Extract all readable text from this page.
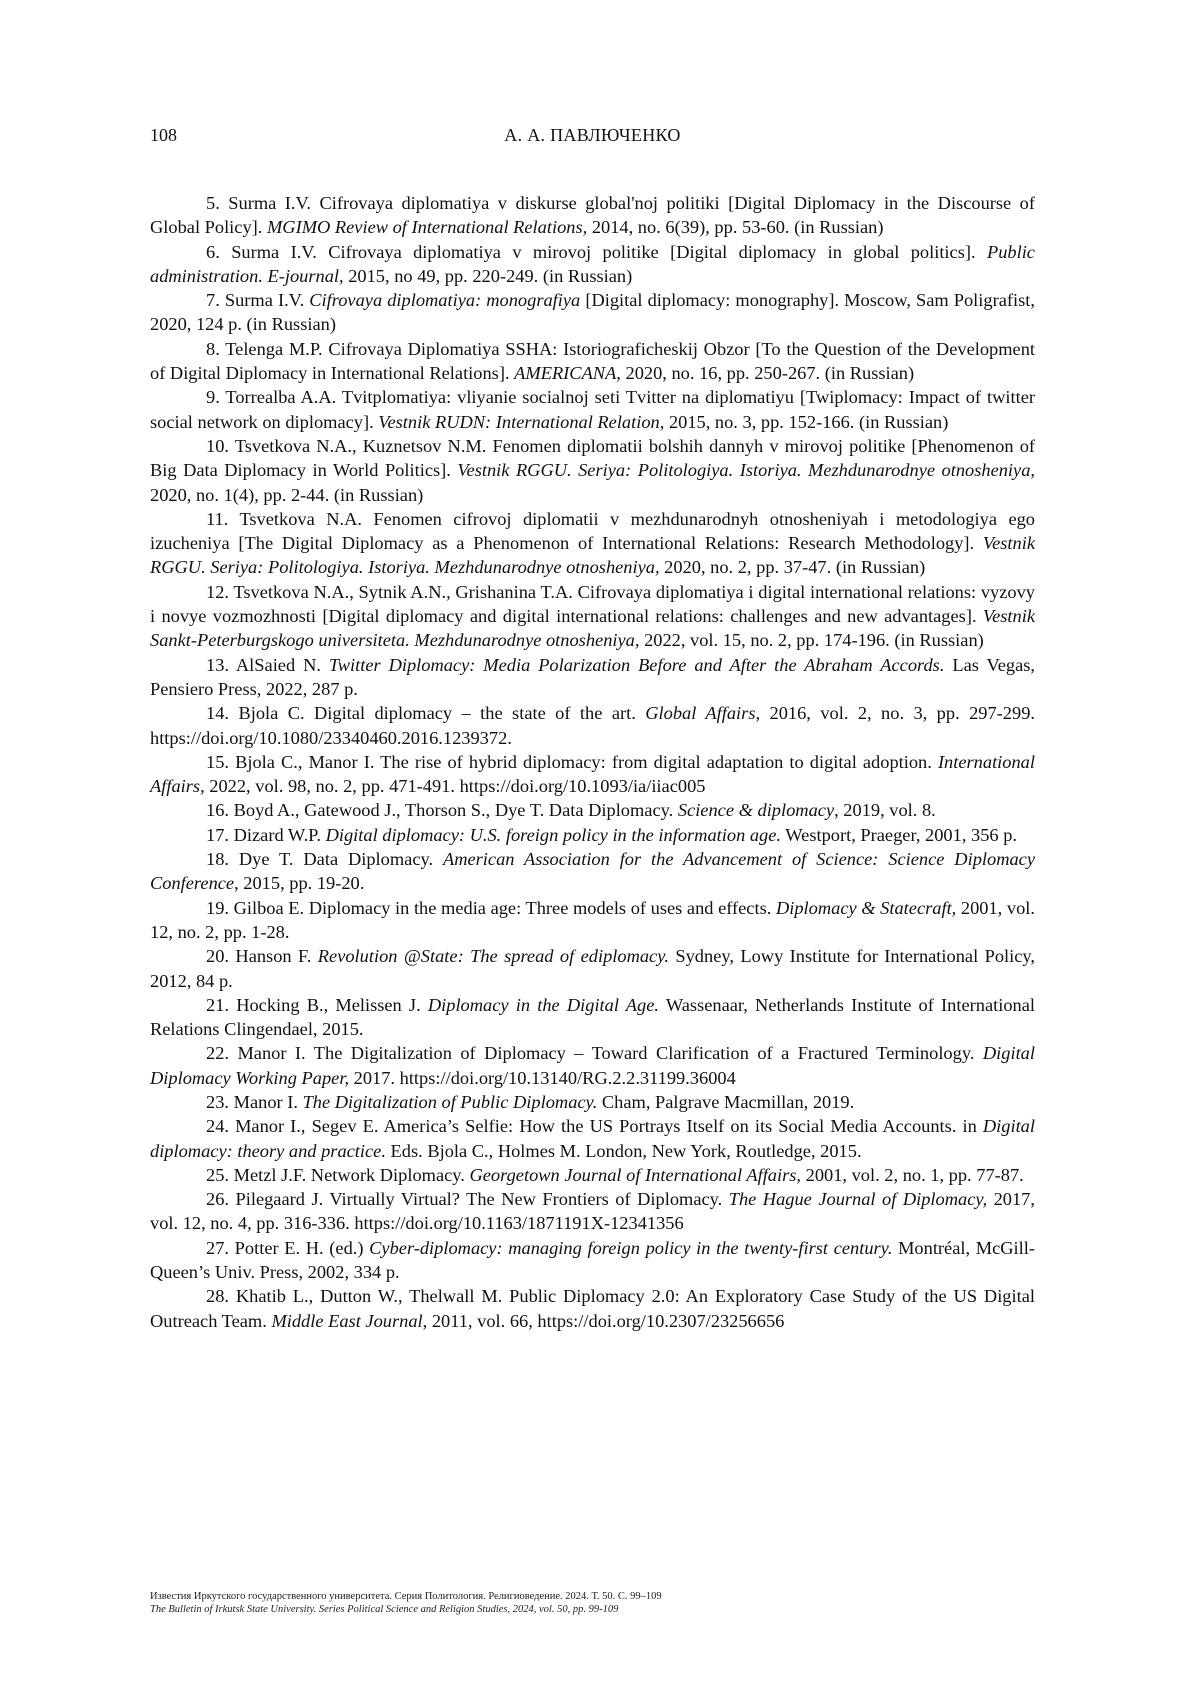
108	А. А. ПАВЛЮЧЕНКО

5. Surma I.V. Cifrovaya diplomatiya v diskurse global'noj politiki [Digital Diplomacy in the Discourse of Global Policy]. MGIMO Review of International Relations, 2014, no. 6(39), pp. 53-60. (in Russian)

6. Surma I.V. Cifrovaya diplomatiya v mirovoj politike [Digital diplomacy in global politics]. Public administration. E-journal, 2015, no 49, pp. 220-249. (in Russian)

7. Surma I.V. Cifrovaya diplomatiya: monografiya [Digital diplomacy: monography]. Moscow, Sam Poligrafist, 2020, 124 p. (in Russian)

8. Telenga M.P. Cifrovaya Diplomatiya SSHA: Istoriograficheskij Obzor [To the Question of the Development of Digital Diplomacy in International Relations]. AMERICANA, 2020, no. 16, pp. 250-267. (in Russian)

9. Torrealba A.A. Tvitplomatiya: vliyanie socialnoj seti Tvitter na diplomatiyu [Twiplomacy: Impact of twitter social network on diplomacy]. Vestnik RUDN: International Relation, 2015, no. 3, pp. 152-166. (in Russian)

10. Tsvetkova N.A., Kuznetsov N.M. Fenomen diplomatii bolshih dannyh v mirovoj politike [Phenomenon of Big Data Diplomacy in World Politics]. Vestnik RGGU. Seriya: Politologiya. Istoriya. Mezhdunarodnye otnosheniya, 2020, no. 1(4), pp. 2-44. (in Russian)

11. Tsvetkova N.A. Fenomen cifrovoj diplomatii v mezhdunarodnyh otnosheniyah i metodologiya ego izucheniya [The Digital Diplomacy as a Phenomenon of International Relations: Research Methodology]. Vestnik RGGU. Seriya: Politologiya. Istoriya. Mezhdunarodnye otnosheniya, 2020, no. 2, pp. 37-47. (in Russian)

12. Tsvetkova N.A., Sytnik A.N., Grishanina T.A. Cifrovaya diplomatiya i digital international relations: vyzovy i novye vozmozhnosti [Digital diplomacy and digital international relations: challenges and new advantages]. Vestnik Sankt-Peterburgskogo universiteta. Mezhdunarodnye otnosheniya, 2022, vol. 15, no. 2, pp. 174-196. (in Russian)

13. AlSaied N. Twitter Diplomacy: Media Polarization Before and After the Abraham Accords. Las Vegas, Pensiero Press, 2022, 287 p.

14. Bjola C. Digital diplomacy – the state of the art. Global Affairs, 2016, vol. 2, no. 3, pp. 297-299. https://doi.org/10.1080/23340460.2016.1239372.

15. Bjola C., Manor I. The rise of hybrid diplomacy: from digital adaptation to digital adoption. International Affairs, 2022, vol. 98, no. 2, pp. 471-491. https://doi.org/10.1093/ia/iiac005

16. Boyd A., Gatewood J., Thorson S., Dye T. Data Diplomacy. Science & diplomacy, 2019, vol. 8.

17. Dizard W.P. Digital diplomacy: U.S. foreign policy in the information age. Westport, Praeger, 2001, 356 p.

18. Dye T. Data Diplomacy. American Association for the Advancement of Science: Science Diplomacy Conference, 2015, pp. 19-20.

19. Gilboa E. Diplomacy in the media age: Three models of uses and effects. Diplomacy & Statecraft, 2001, vol. 12, no. 2, pp. 1-28.

20. Hanson F. Revolution @State: The spread of ediplomacy. Sydney, Lowy Institute for International Policy, 2012, 84 p.

21. Hocking B., Melissen J. Diplomacy in the Digital Age. Wassenaar, Netherlands Institute of International Relations Clingendael, 2015.

22. Manor I. The Digitalization of Diplomacy – Toward Clarification of a Fractured Terminology. Digital Diplomacy Working Paper, 2017. https://doi.org/10.13140/RG.2.2.31199.36004

23. Manor I. The Digitalization of Public Diplomacy. Cham, Palgrave Macmillan, 2019.

24. Manor I., Segev E. America’s Selfie: How the US Portrays Itself on its Social Media Accounts. in Digital diplomacy: theory and practice. Eds. Bjola C., Holmes M. London, New York, Routledge, 2015.

25. Metzl J.F. Network Diplomacy. Georgetown Journal of International Affairs, 2001, vol. 2, no. 1, pp. 77-87.

26. Pilegaard J. Virtually Virtual? The New Frontiers of Diplomacy. The Hague Journal of Diplomacy, 2017, vol. 12, no. 4, pp. 316-336. https://doi.org/10.1163/1871191X-12341356

27. Potter E. H. (ed.) Cyber-diplomacy: managing foreign policy in the twenty-first century. Montréal, McGill-Queen’s Univ. Press, 2002, 334 p.

28. Khatib L., Dutton W., Thelwall M. Public Diplomacy 2.0: An Exploratory Case Study of the US Digital Outreach Team. Middle East Journal, 2011, vol. 66, https://doi.org/10.2307/23256656

Известия Иркутского государственного университета. Серия Политология. Религиоведение. 2024. Т. 50. С. 99–109
The Bulletin of Irkutsk State University. Series Political Science and Religion Studies, 2024, vol. 50, pp. 99-109
